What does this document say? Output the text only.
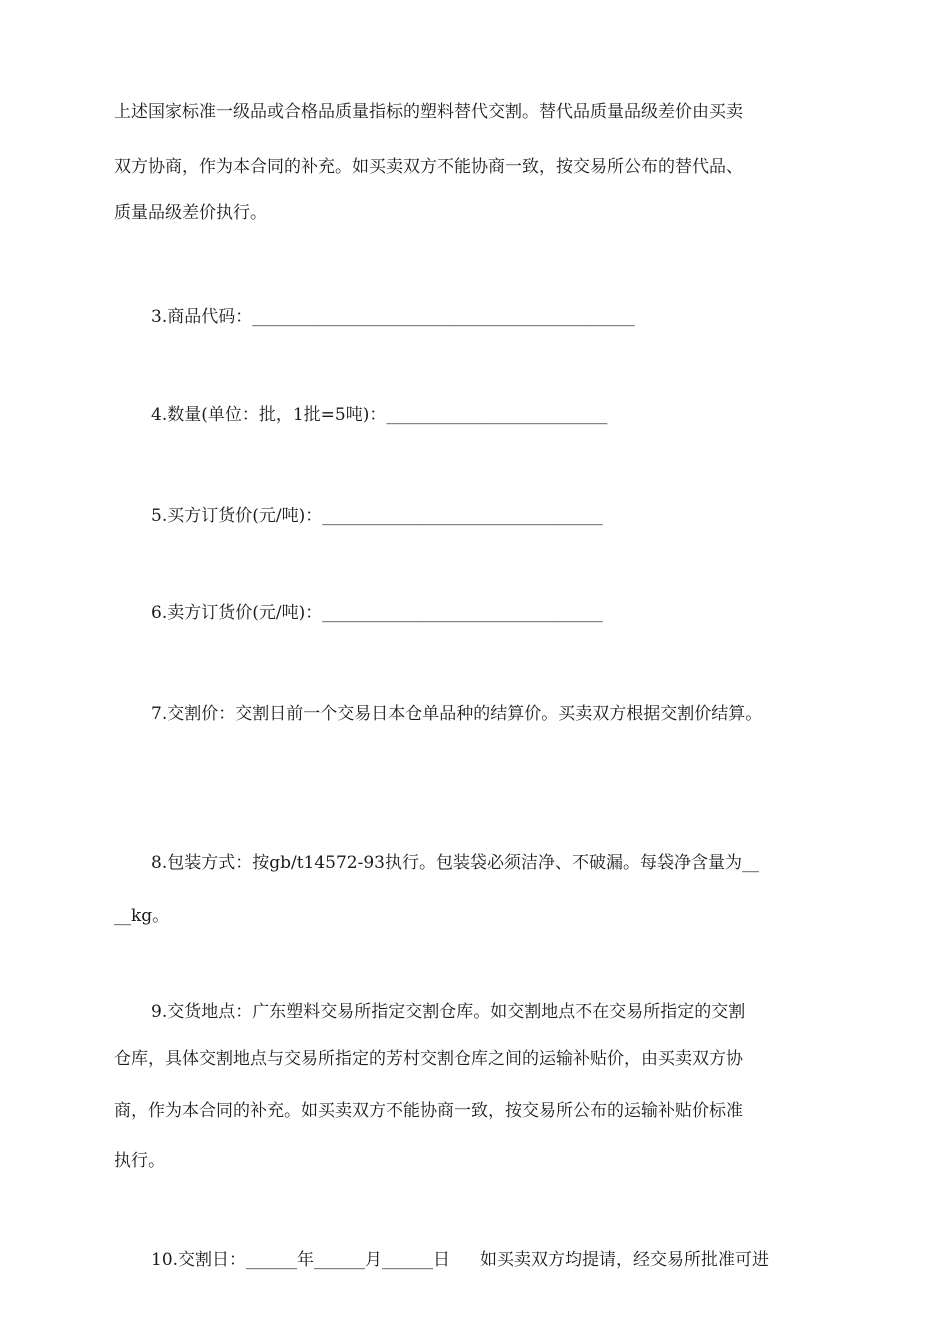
上述国家标准一级品或合格品质量指标的塑料替代交割。替代品质量品级差价由买卖
双方协商，作为本合同的补充。如买卖双方不能协商一致，按交易所公布的替代品、
质量品级差价执行。
3.商品代码：_____________________________________________
4.数量(单位：批，1批=5吨)：__________________________
5.买方订货价(元/吨)：_________________________________
6.卖方订货价(元/吨)：_________________________________
7.交割价：交割日前一个交易日本仓单品种的结算价。买卖双方根据交割价结算。
8.包装方式：按gb/t14572-93执行。包装袋必须洁净、不破漏。每袋净含量为__
__kg。
9.交货地点：广东塑料交易所指定交割仓库。如交割地点不在交易所指定的交割
仓库，具体交割地点与交易所指定的芳村交割仓库之间的运输补贴价，由买卖双方协
商，作为本合同的补充。如买卖双方不能协商一致，按交易所公布的运输补贴价标准
执行。
10.交割日：______年______月______日 如买卖双方均提请，经交易所批准可进
